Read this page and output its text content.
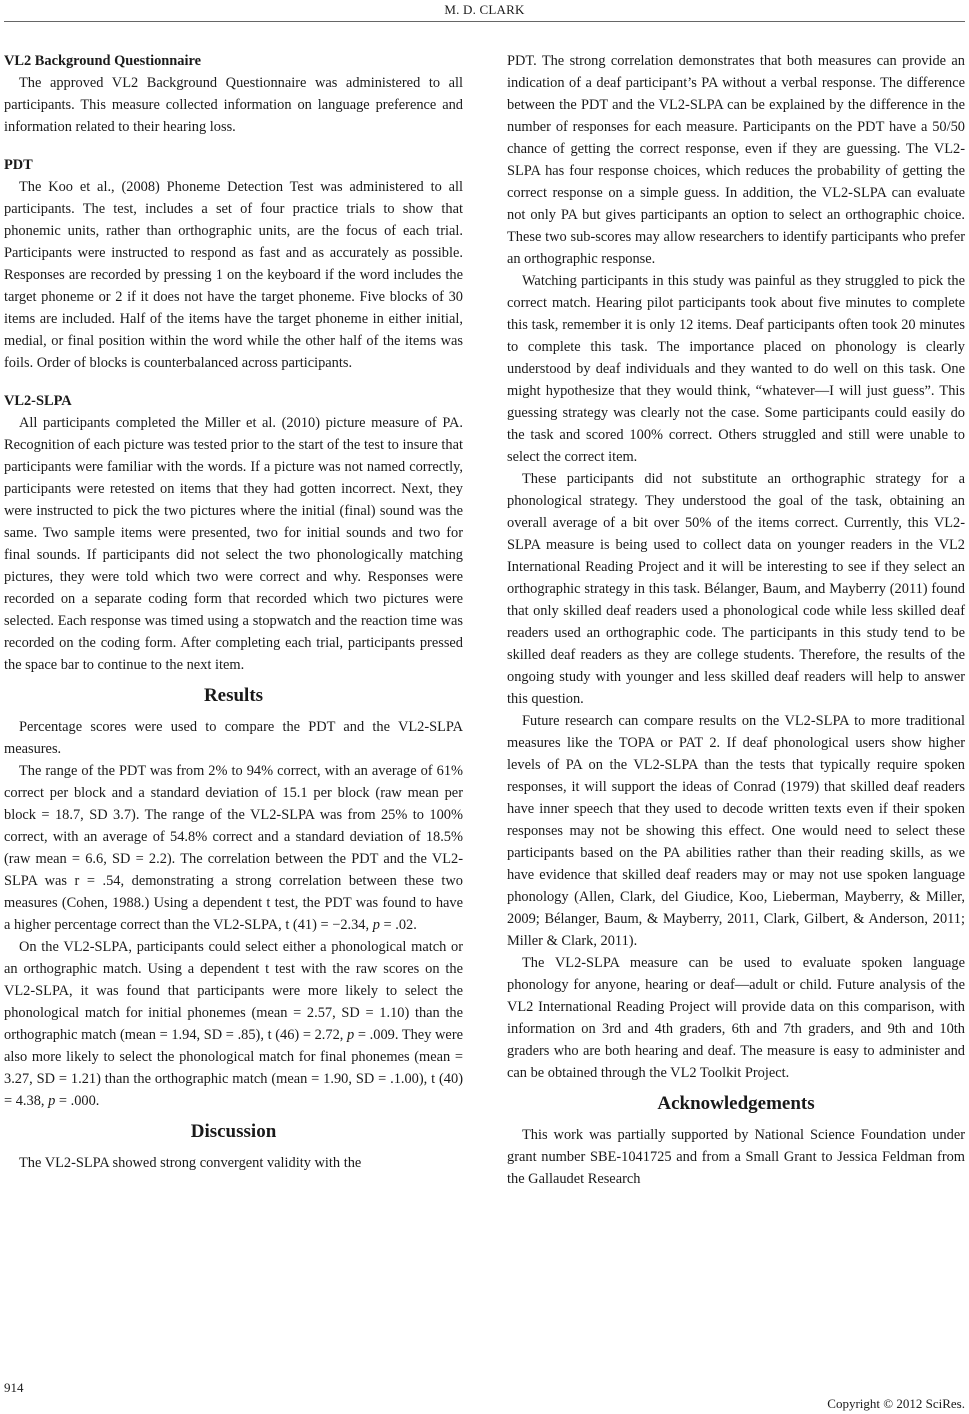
M. D. CLARK
VL2 Background Questionnaire

The approved VL2 Background Questionnaire was administered to all participants. This measure collected information on language preference and information related to their hearing loss.

PDT

The Koo et al., (2008) Phoneme Detection Test was administered to all participants. The test, includes a set of four practice trials to show that phonemic units, rather than orthographic units, are the focus of each trial. Participants were instructed to respond as fast and as accurately as possible. Responses are recorded by pressing 1 on the keyboard if the word includes the target phoneme or 2 if it does not have the target phoneme. Five blocks of 30 items are included. Half of the items have the target phoneme in either initial, medial, or final position within the word while the other half of the items was foils. Order of blocks is counterbalanced across participants.

VL2-SLPA

All participants completed the Miller et al. (2010) picture measure of PA. Recognition of each picture was tested prior to the start of the test to insure that participants were familiar with the words. If a picture was not named correctly, participants were retested on items that they had gotten incorrect. Next, they were instructed to pick the two pictures where the initial (final) sound was the same. Two sample items were presented, two for initial sounds and two for final sounds. If participants did not select the two phonologically matching pictures, they were told which two were correct and why. Responses were recorded on a separate coding form that recorded which two pictures were selected. Each response was timed using a stopwatch and the reaction time was recorded on the coding form. After completing each trial, participants pressed the space bar to continue to the next item.

Results

Percentage scores were used to compare the PDT and the VL2-SLPA measures.

The range of the PDT was from 2% to 94% correct, with an average of 61% correct per block and a standard deviation of 15.1 per block (raw mean per block = 18.7, SD 3.7). The range of the VL2-SLPA was from 25% to 100% correct, with an average of 54.8% correct and a standard deviation of 18.5% (raw mean = 6.6, SD = 2.2). The correlation between the PDT and the VL2-SLPA was r = .54, demonstrating a strong correlation between these two measures (Cohen, 1988.) Using a dependent t test, the PDT was found to have a higher percentage correct than the VL2-SLPA, t (41) = −2.34, p = .02.

On the VL2-SLPA, participants could select either a phonological match or an orthographic match. Using a dependent t test with the raw scores on the VL2-SLPA, it was found that participants were more likely to select the phonological match for initial phonemes (mean = 2.57, SD = 1.10) than the orthographic match (mean = 1.94, SD = .85), t (46) = 2.72, p = .009. They were also more likely to select the phonological match for final phonemes (mean = 3.27, SD = 1.21) than the orthographic match (mean = 1.90, SD = .1.00), t (40) = 4.38, p = .000.

Discussion

The VL2-SLPA showed strong convergent validity with the

PDT. The strong correlation demonstrates that both measures can provide an indication of a deaf participant’s PA without a verbal response. The difference between the PDT and the VL2-SLPA can be explained by the difference in the number of responses for each measure. Participants on the PDT have a 50/50 chance of getting the correct response, even if they are guessing. The VL2-SLPA has four response choices, which reduces the probability of getting the correct response on a simple guess. In addition, the VL2-SLPA can evaluate not only PA but gives participants an option to select an orthographic choice. These two sub-scores may allow researchers to identify participants who prefer an orthographic response.

Watching participants in this study was painful as they struggled to pick the correct match. Hearing pilot participants took about five minutes to complete this task, remember it is only 12 items. Deaf participants often took 20 minutes to complete this task. The importance placed on phonology is clearly understood by deaf individuals and they wanted to do well on this task. One might hypothesize that they would think, “whatever—I will just guess”. This guessing strategy was clearly not the case. Some participants could easily do the task and scored 100% correct. Others struggled and still were unable to select the correct item.

These participants did not substitute an orthographic strategy for a phonological strategy. They understood the goal of the task, obtaining an overall average of a bit over 50% of the items correct. Currently, this VL2-SLPA measure is being used to collect data on younger readers in the VL2 International Reading Project and it will be interesting to see if they select an orthographic strategy in this task. Bélanger, Baum, and Mayberry (2011) found that only skilled deaf readers used a phonological code while less skilled deaf readers used an orthographic code. The participants in this study tend to be skilled deaf readers as they are college students. Therefore, the results of the ongoing study with younger and less skilled deaf readers will help to answer this question.

Future research can compare results on the VL2-SLPA to more traditional measures like the TOPA or PAT 2. If deaf phonological users show higher levels of PA on the VL2-SLPA than the tests that typically require spoken responses, it will support the ideas of Conrad (1979) that skilled deaf readers have inner speech that they used to decode written texts even if their spoken responses may not be showing this effect. One would need to select these participants based on the PA abilities rather than their reading skills, as we have evidence that skilled deaf readers may or may not use spoken language phonology (Allen, Clark, del Giudice, Koo, Lieberman, Mayberry, & Miller, 2009; Bélanger, Baum, & Mayberry, 2011, Clark, Gilbert, & Anderson, 2011; Miller & Clark, 2011).

The VL2-SLPA measure can be used to evaluate spoken language phonology for anyone, hearing or deaf—adult or child. Future analysis of the VL2 International Reading Project will provide data on this comparison, with information on 3rd and 4th graders, 6th and 7th graders, and 9th and 10th graders who are both hearing and deaf. The measure is easy to administer and can be obtained through the VL2 Toolkit Project.

Acknowledgements

This work was partially supported by National Science Foundation under grant number SBE-1041725 and from a Small Grant to Jessica Feldman from the Gallaudet Research

914
Copyright © 2012 SciRes.
